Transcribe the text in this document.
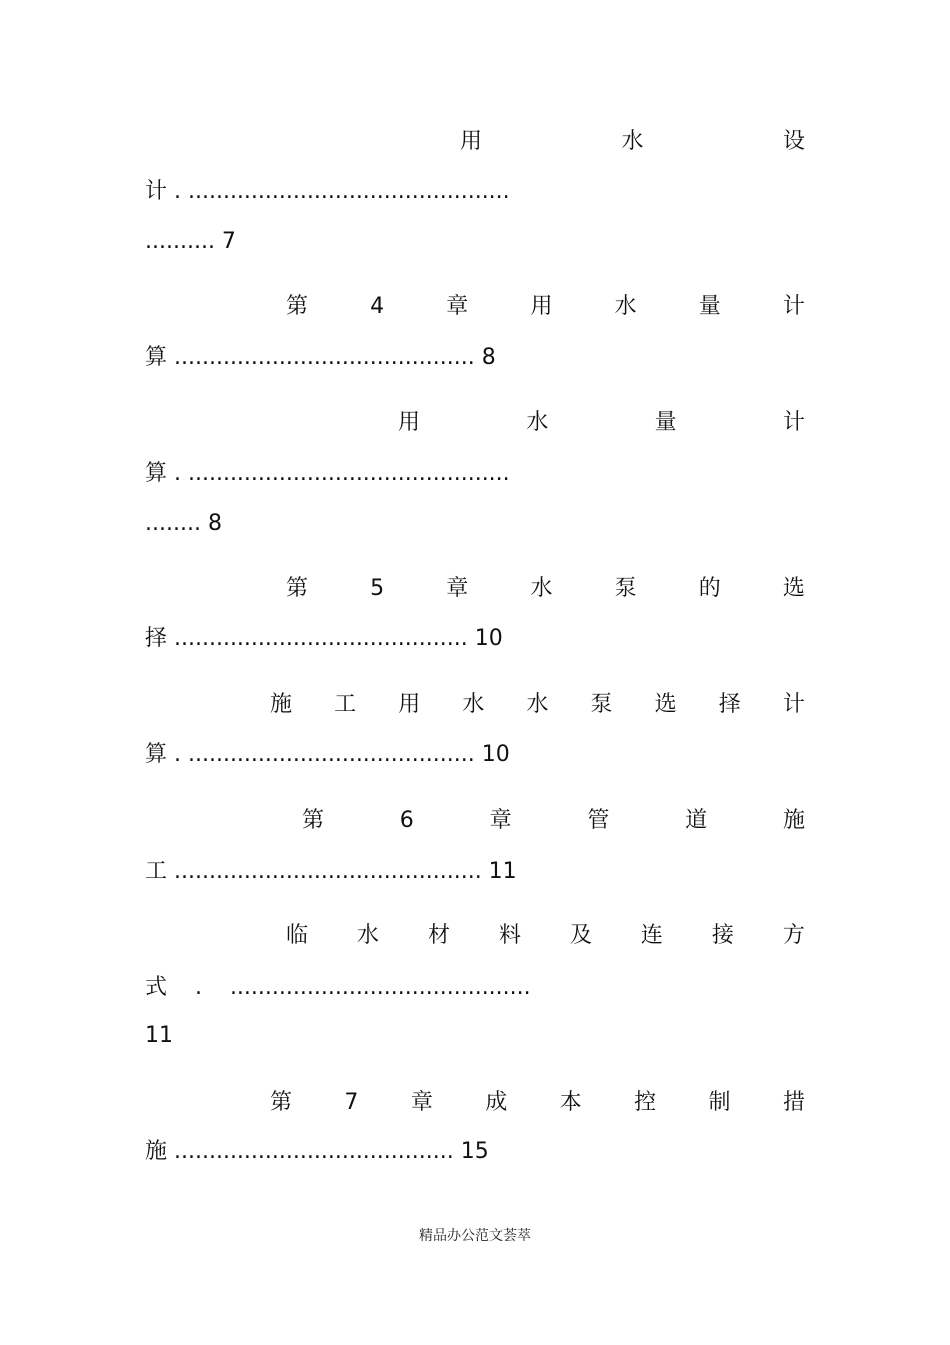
用	水	设

计 . ..............................................

.......... 7

第	4	章	用	水	量	计

算 ........................................... 8

用	水	量	计

算 . ..............................................

........ 8

第	5	章	水	泵	的	选

择 .......................................... 10

施 工 用 水 水 泵 选 择 计

算 . ......................................... 10

第	6	章	管	道	施

工 ............................................ 11

临 水 材 料 及 连 接 方

式    .    ...........................................

11

第 7 章 成 本 控 制 措

施 ........................................ 15

精品办公范文荟萃
